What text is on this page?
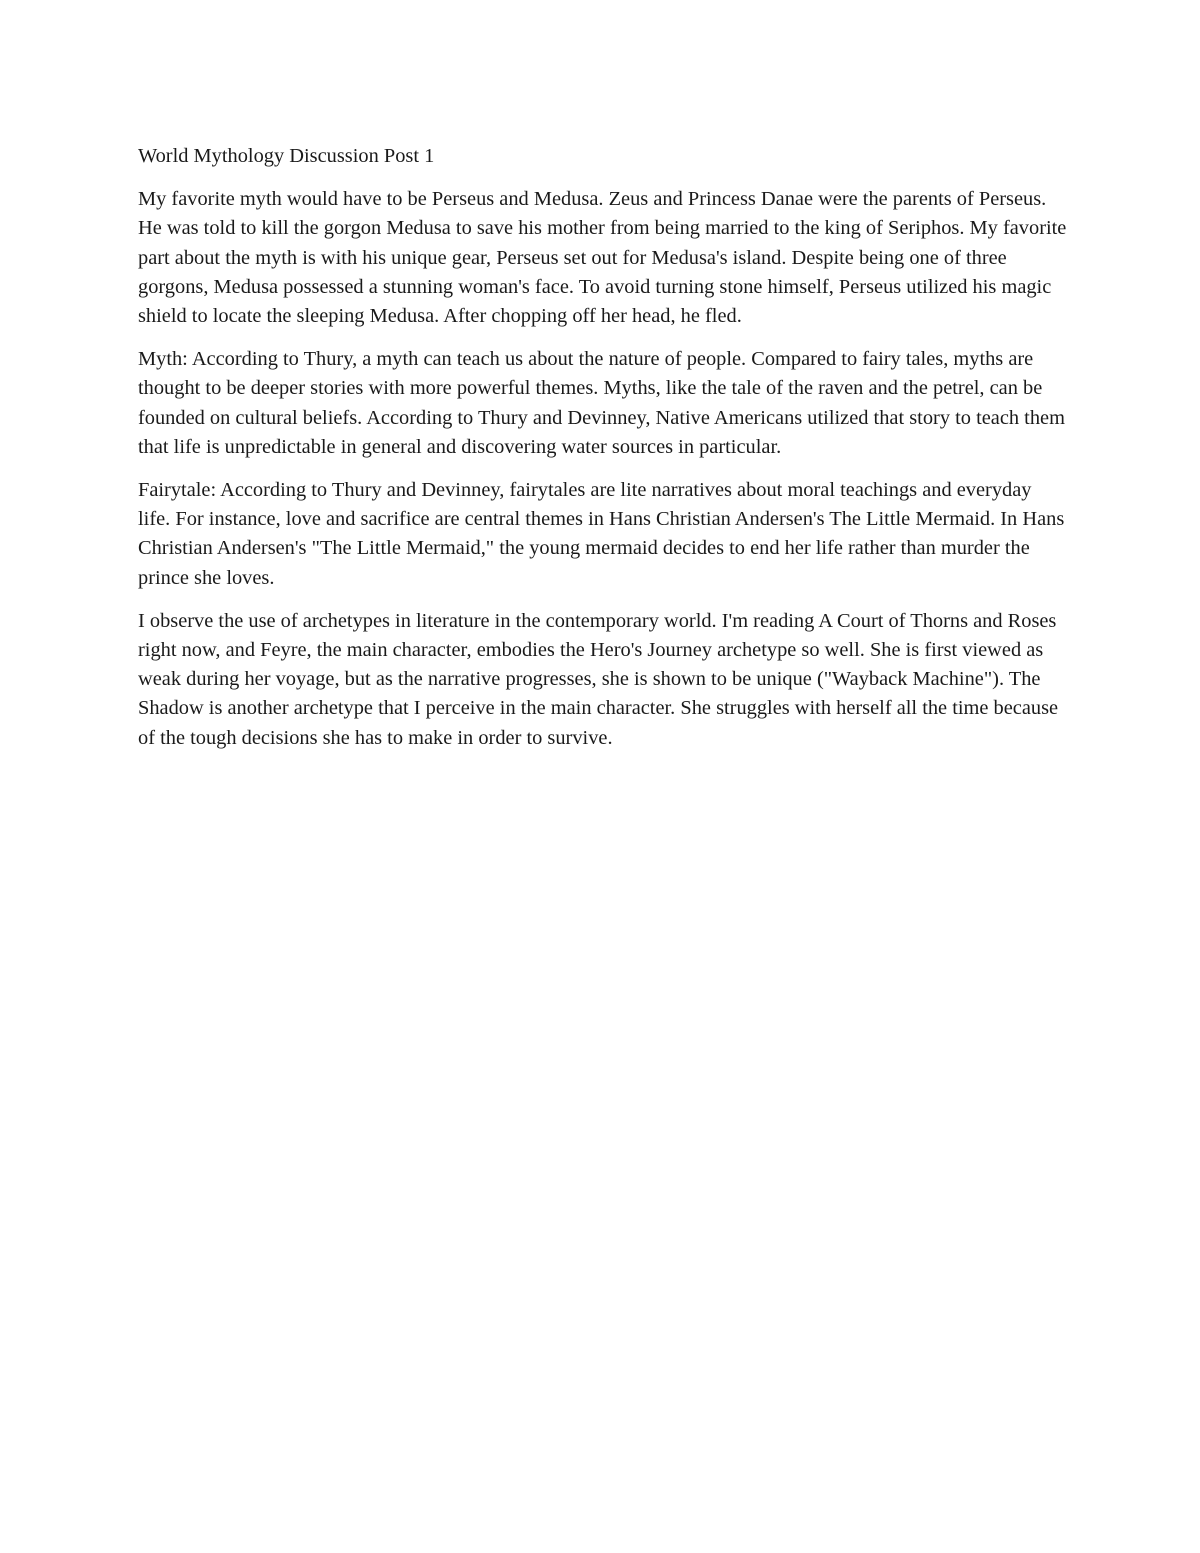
World Mythology Discussion Post 1

My favorite myth would have to be Perseus and Medusa. Zeus and Princess Danae were the parents of Perseus. He was told to kill the gorgon Medusa to save his mother from being married to the king of Seriphos. My favorite part about the myth is with his unique gear, Perseus set out for Medusa's island. Despite being one of three gorgons, Medusa possessed a stunning woman's face. To avoid turning stone himself, Perseus utilized his magic shield to locate the sleeping Medusa. After chopping off her head, he fled.

Myth: According to Thury, a myth can teach us about the nature of people. Compared to fairy tales, myths are thought to be deeper stories with more powerful themes. Myths, like the tale of the raven and the petrel, can be founded on cultural beliefs. According to Thury and Devinney, Native Americans utilized that story to teach them that life is unpredictable in general and discovering water sources in particular.

Fairytale: According to Thury and Devinney, fairytales are lite narratives about moral teachings and everyday life. For instance, love and sacrifice are central themes in Hans Christian Andersen's The Little Mermaid. In Hans Christian Andersen's "The Little Mermaid," the young mermaid decides to end her life rather than murder the prince she loves.

I observe the use of archetypes in literature in the contemporary world. I'm reading A Court of Thorns and Roses right now, and Feyre, the main character, embodies the Hero's Journey archetype so well. She is first viewed as weak during her voyage, but as the narrative progresses, she is shown to be unique ("Wayback Machine"). The Shadow is another archetype that I perceive in the main character. She struggles with herself all the time because of the tough decisions she has to make in order to survive.
